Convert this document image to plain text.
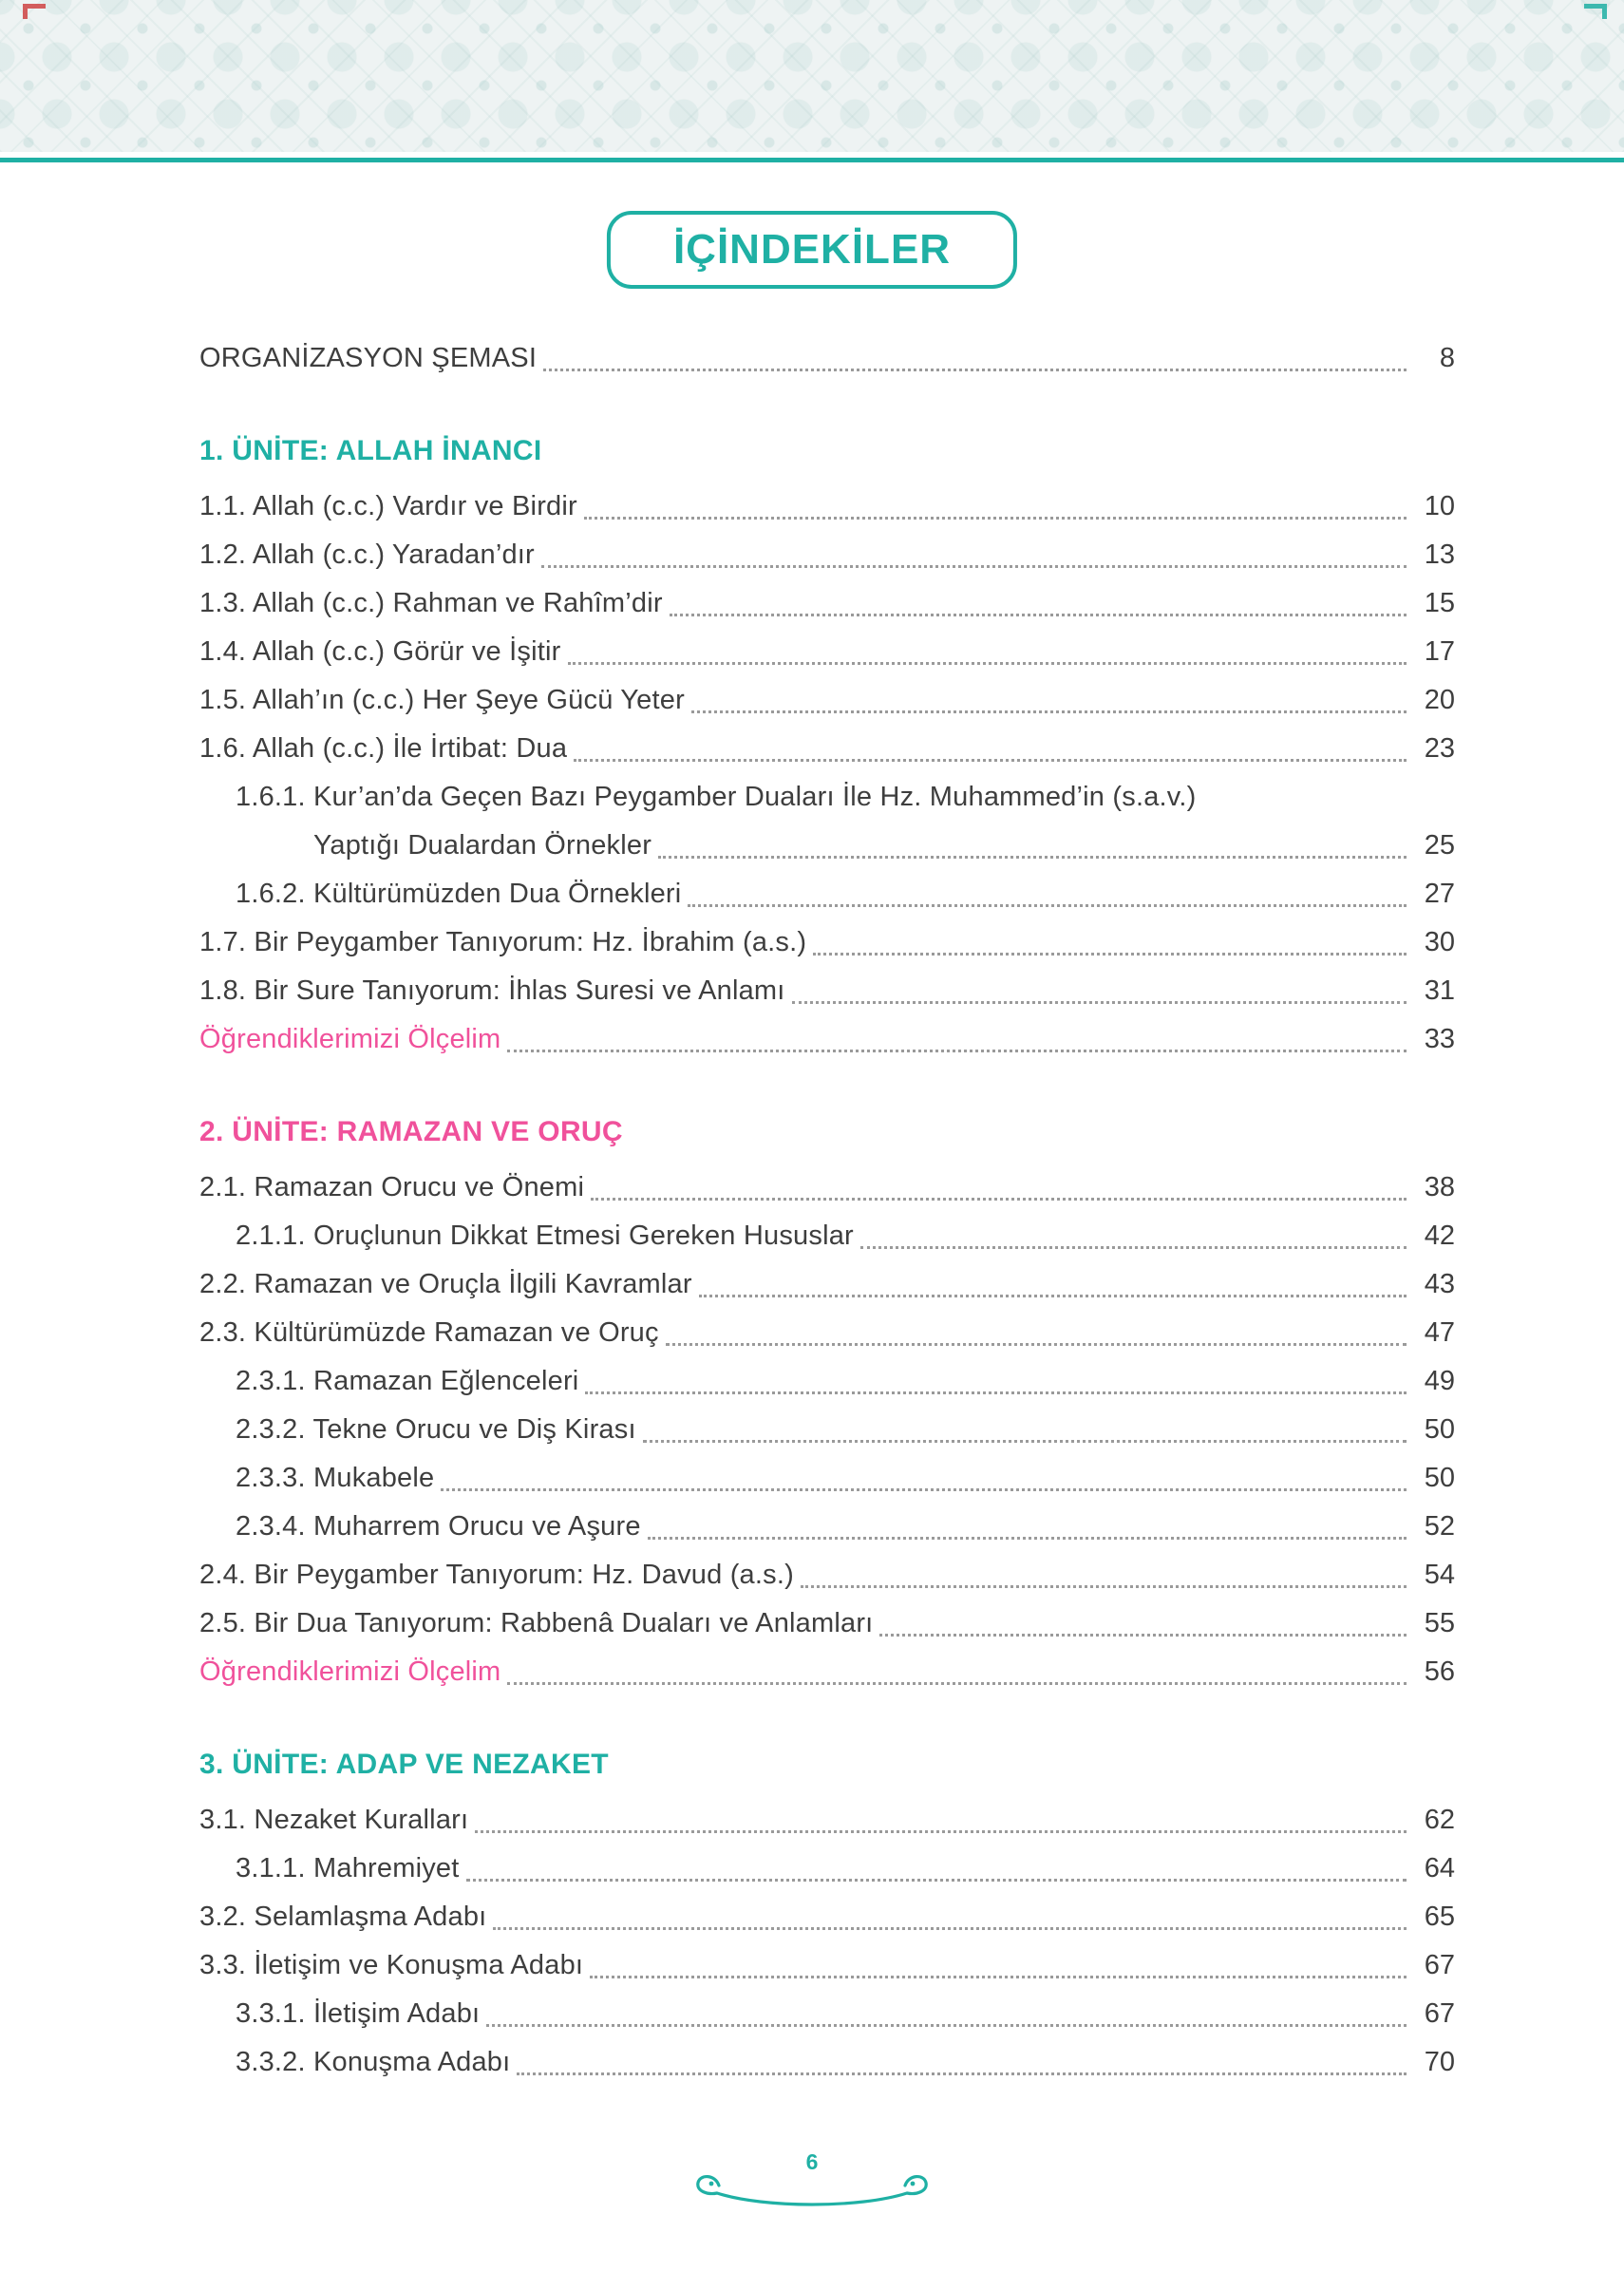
İÇİNDEKİLER
ORGANİZASYON ŞEMASI	8
1. ÜNİTE: ALLAH İNANCI
1.1. Allah (c.c.) Vardır ve Birdir	10
1.2. Allah (c.c.) Yaradan’dır	13
1.3. Allah (c.c.) Rahman ve Rahîm’dir	15
1.4. Allah (c.c.) Görür ve İşitir	17
1.5. Allah’ın (c.c.) Her Şeye Gücü Yeter	20
1.6. Allah (c.c.) İle İrtibat: Dua	23
1.6.1. Kur’an’da Geçen Bazı Peygamber Duaları İle Hz. Muhammed’in (s.a.v.)
Yaptığı Dualardan Örnekler	25
1.6.2. Kültürümüzden Dua Örnekleri	27
1.7. Bir Peygamber Tanıyorum: Hz. İbrahim (a.s.)	30
1.8. Bir Sure Tanıyorum: İhlas Suresi ve Anlamı	31
Öğrendiklerimizi Ölçelim	33
2. ÜNİTE: RAMAZAN VE ORUÇ
2.1. Ramazan Orucu ve Önemi	38
2.1.1. Oruçlunun Dikkat Etmesi Gereken Hususlar	42
2.2. Ramazan ve Oruçla İlgili Kavramlar	43
2.3. Kültürümüzde Ramazan ve Oruç	47
2.3.1. Ramazan Eğlenceleri	49
2.3.2. Tekne Orucu ve Diş Kirası	50
2.3.3. Mukabele	50
2.3.4. Muharrem Orucu ve Aşure	52
2.4. Bir Peygamber Tanıyorum: Hz. Davud (a.s.)	54
2.5. Bir Dua Tanıyorum: Rabbenâ Duaları ve Anlamları	55
Öğrendiklerimizi Ölçelim	56
3. ÜNİTE: ADAP VE NEZAKET
3.1. Nezaket Kuralları	62
3.1.1. Mahremiyet	64
3.2. Selamlaşma Adabı	65
3.3. İletişim ve Konuşma Adabı	67
3.3.1. İletişim Adabı	67
3.3.2. Konuşma Adabı	70
6
